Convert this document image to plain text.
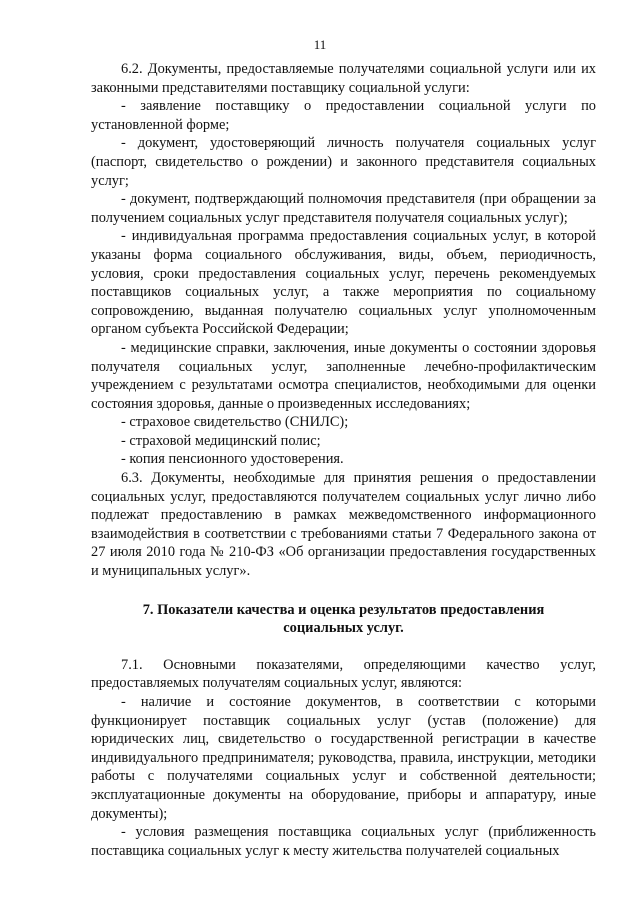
11

6.2. Документы, предоставляемые получателями социальной услуги или их законными представителями поставщику социальной услуги:

- заявление поставщику о предоставлении социальной услуги по установленной форме;

- документ, удостоверяющий личность получателя социальных услуг (паспорт, свидетельство о рождении) и законного представителя социальных услуг;

- документ, подтверждающий полномочия представителя (при обращении за получением социальных услуг представителя получателя социальных услуг);

- индивидуальная программа предоставления социальных услуг, в которой указаны форма социального обслуживания, виды, объем, периодичность, условия, сроки предоставления социальных услуг, перечень рекомендуемых поставщиков социальных услуг, а также мероприятия по социальному сопровождению, выданная получателю социальных услуг уполномоченным органом субъекта Российской Федерации;

- медицинские справки, заключения, иные документы о состоянии здоровья получателя социальных услуг, заполненные лечебно-профилактическим учреждением с результатами осмотра специалистов, необходимыми для оценки состояния здоровья, данные о произведенных исследованиях;

- страховое свидетельство (СНИЛС);

- страховой медицинский полис;

- копия пенсионного удостоверения.

6.3. Документы, необходимые для принятия решения о предоставлении социальных услуг, предоставляются получателем социальных услуг лично либо подлежат предоставлению в рамках межведомственного информационного взаимодействия в соответствии с требованиями статьи 7 Федерального закона от 27 июля 2010 года № 210-ФЗ «Об организации предоставления государственных и муниципальных услуг».

7. Показатели качества и оценка результатов предоставления социальных услуг.

7.1. Основными показателями, определяющими качество услуг, предоставляемых получателям социальных услуг, являются:

- наличие и состояние документов, в соответствии с которыми функционирует поставщик социальных услуг (устав (положение) для юридических лиц, свидетельство о государственной регистрации в качестве индивидуального предпринимателя; руководства, правила, инструкции, методики работы с получателями социальных услуг и собственной деятельности; эксплуатационные документы на оборудование, приборы и аппаратуру, иные документы);

- условия размещения поставщика социальных услуг (приближенность поставщика социальных услуг к месту жительства получателей социальных
